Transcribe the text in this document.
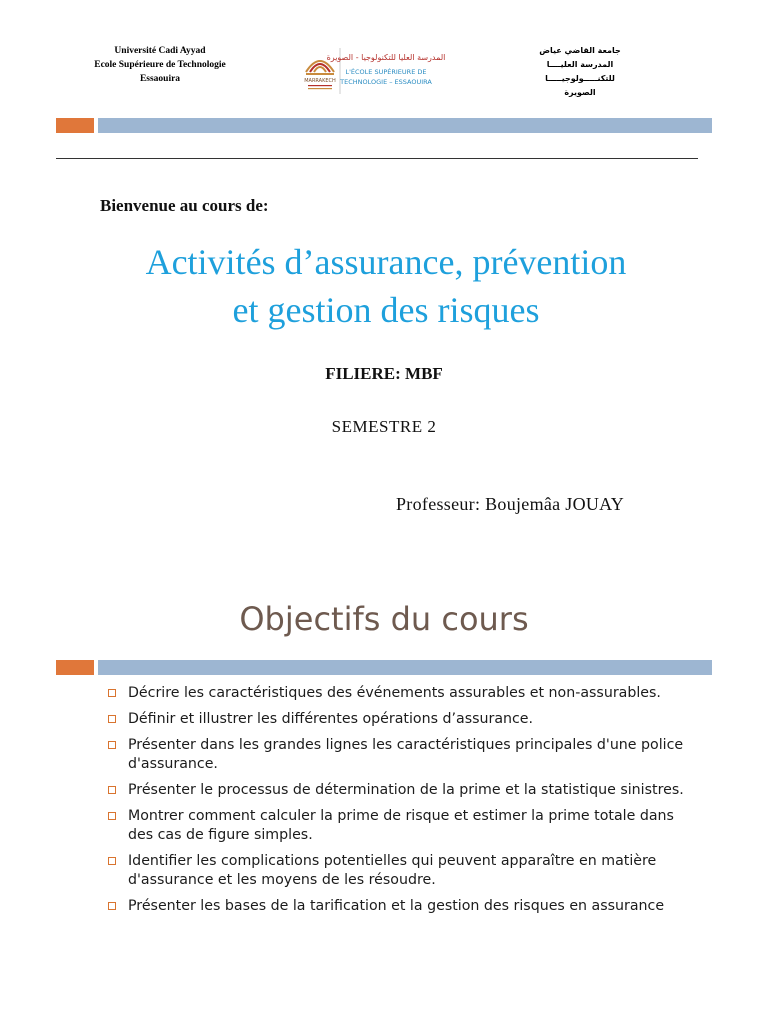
Université Cadi Ayyad
Ecole Supérieure de Technologie
Essaouira	MARRAKECH
المدرسة العليا للتكنولوجيا - الصويرة
L'ÉCOLE SUPÉRIEURE DE
TECHNOLOGIE – ESSAOUIRA
جامعة القاضي عياض
المدرسة العليــــا للتكنـــــولوجيـــــا
الصويرة
Bienvenue au cours de:
Activités d’assurance, prévention
et gestion des risques
FILIERE: MBF
SEMESTRE 2
Professeur: Boujemâa JOUAY
Objectifs du cours
Décrire les caractéristiques des événements assurables et non-assurables.
Définir et illustrer les différentes opérations d’assurance.
Présenter dans les grandes lignes les caractéristiques principales d'une police d'assurance.
Présenter le processus de détermination de la prime et la statistique sinistres.
Montrer comment calculer la prime de risque et estimer la prime totale dans des cas de figure simples.
Identifier les complications potentielles qui peuvent apparaître en matière d'assurance et les moyens de les résoudre.
Présenter les bases de la tarification et la gestion des risques en assurance
